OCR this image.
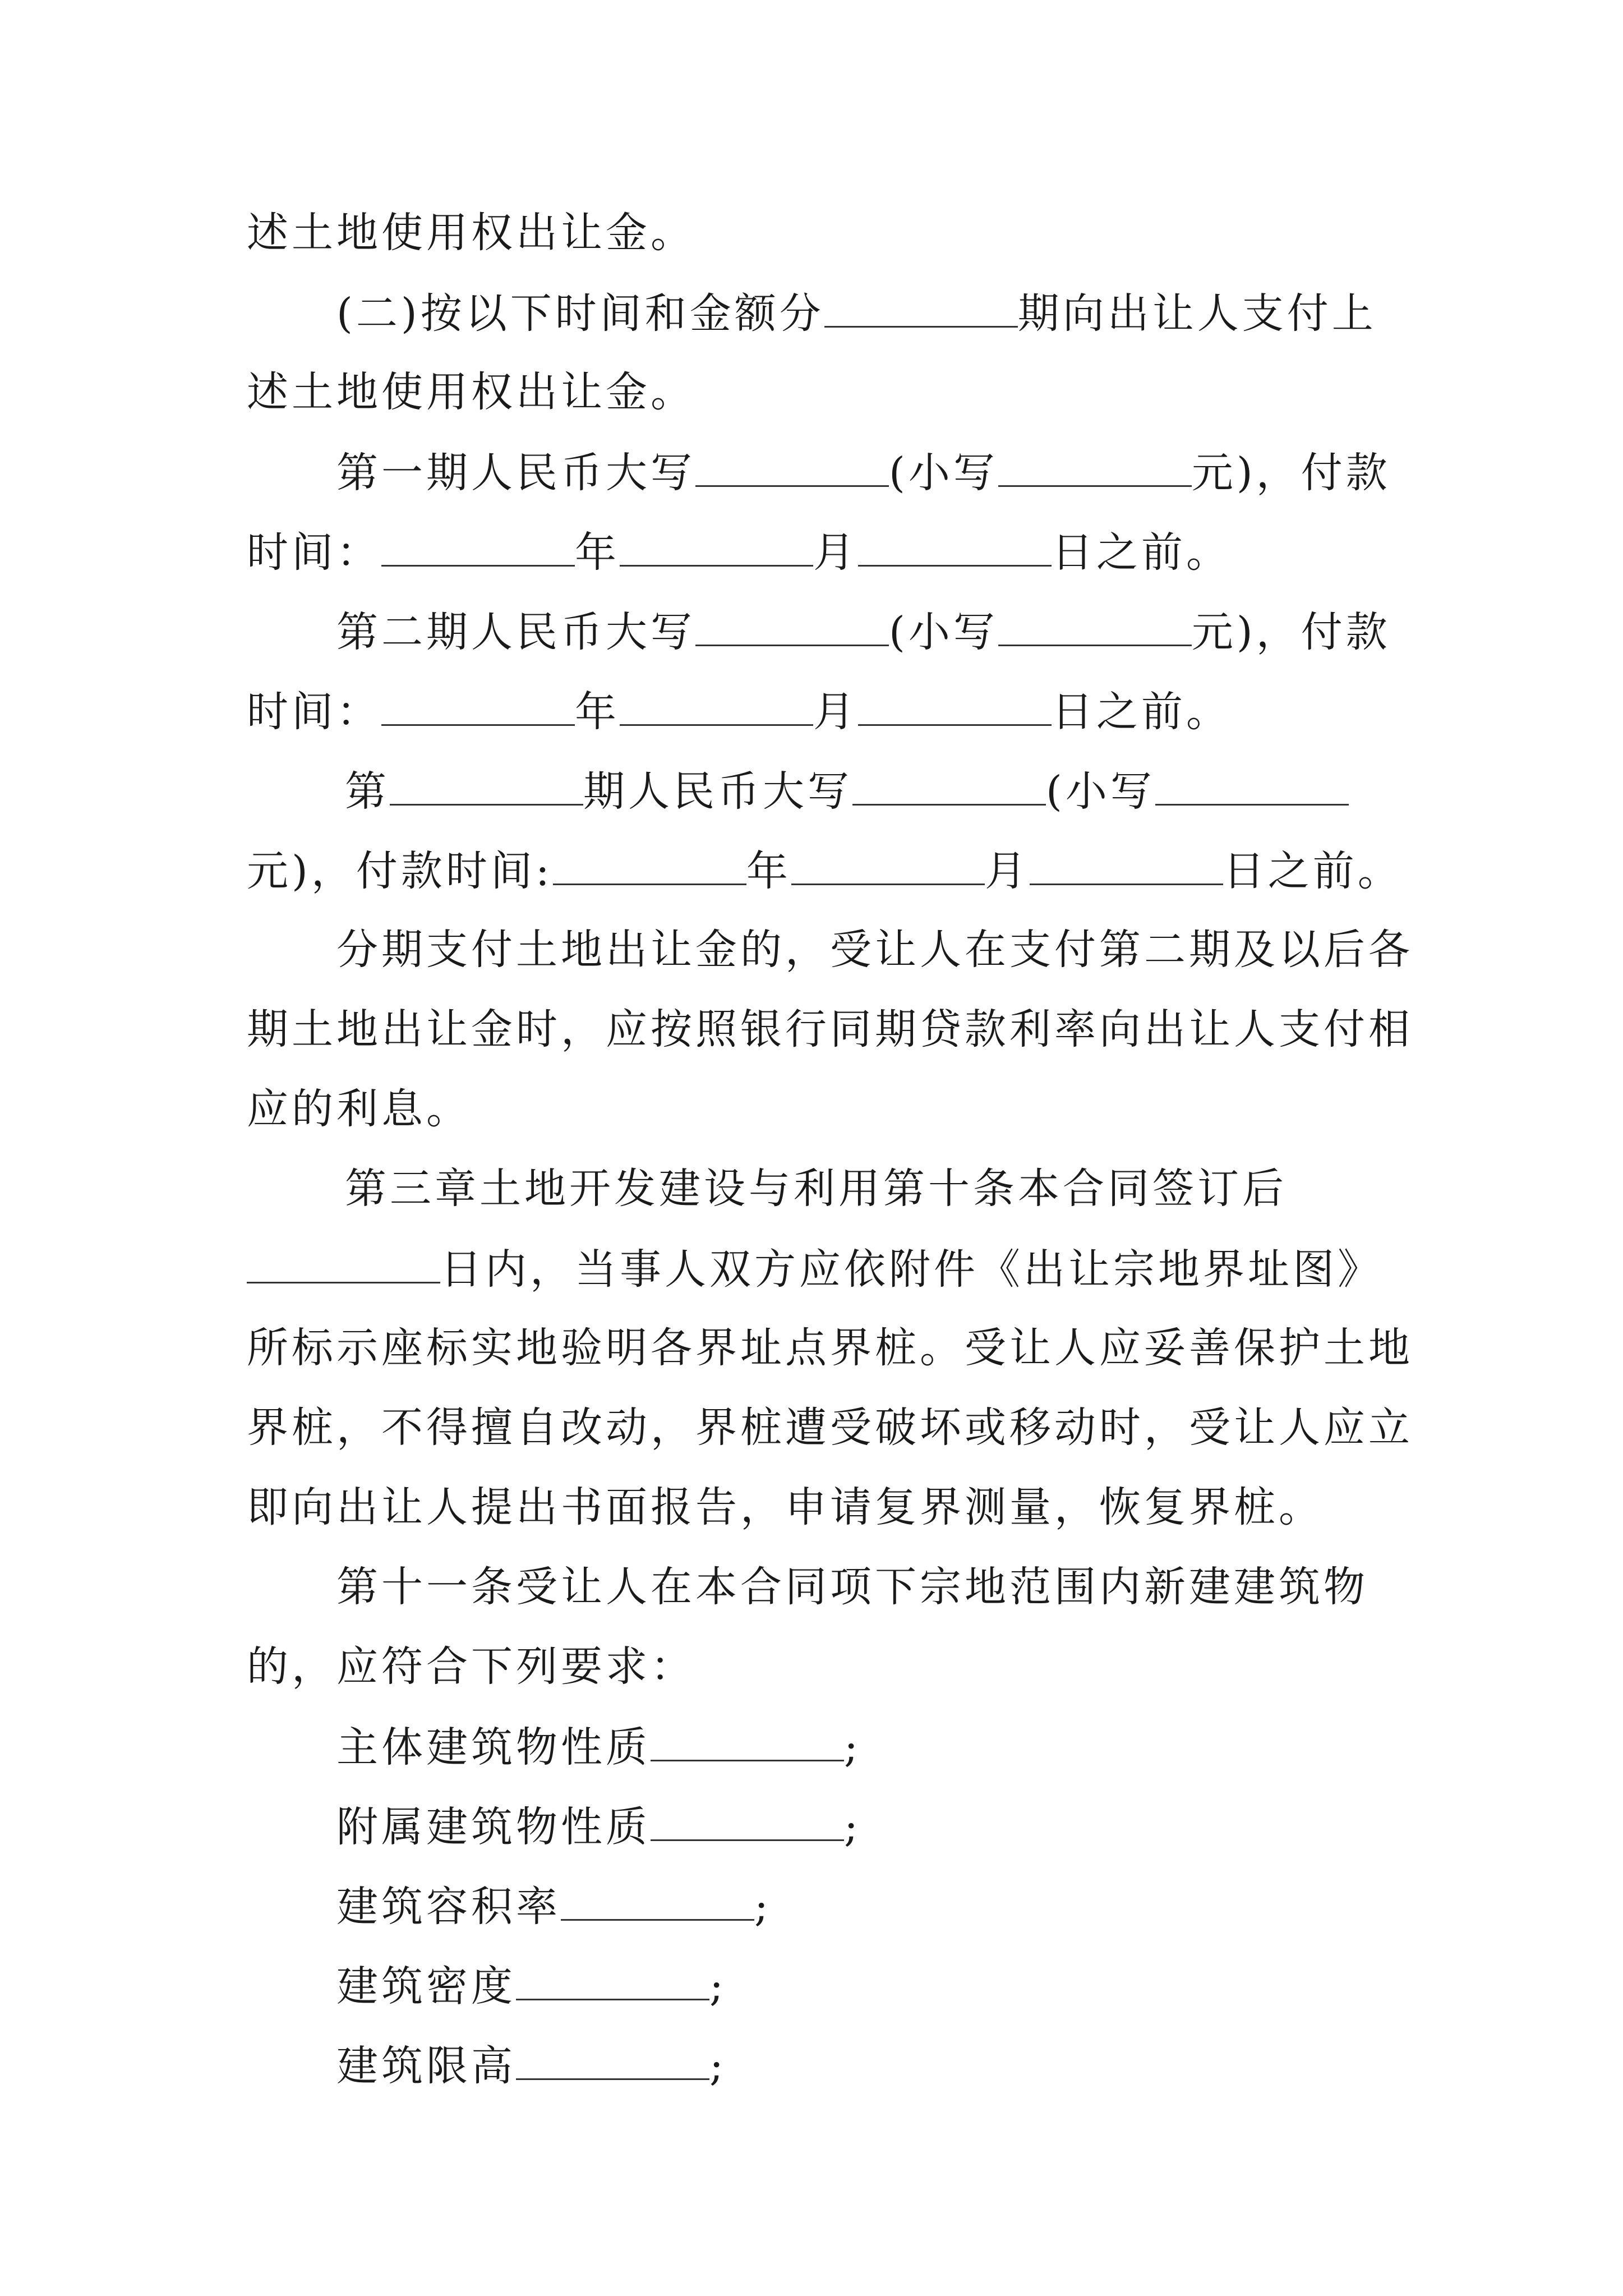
述土地使用权出让金。
(二)按以下时间和金额分	期向出让人支付上
述土地使用权出让金。
第一期人民币大写	(小写	元)，付款
时间：	年	月	日之前。
第二期人民币大写	(小写	元)，付款
时间：	年	月	日之前。
第	期人民币大写	(小写
元)，付款时间:	年	月	日之前。
分期支付土地出让金的，受让人在支付第二期及以后各
期土地出让金时，应按照银行同期贷款利率向出让人支付相
应的利息。
第三章土地开发建设与利用第十条本合同签订后
日内，当事人双方应依附件《出让宗地界址图》
所标示座标实地验明各界址点界桩。受让人应妥善保护土地
界桩，不得擅自改动，界桩遭受破坏或移动时，受让人应立
即向出让人提出书面报告，申请复界测量，恢复界桩。
第十一条受让人在本合同项下宗地范围内新建建筑物
的，应符合下列要求：
主体建筑物性质	;
附属建筑物性质	;
建筑容积率	;
建筑密度	;
建筑限高	;
